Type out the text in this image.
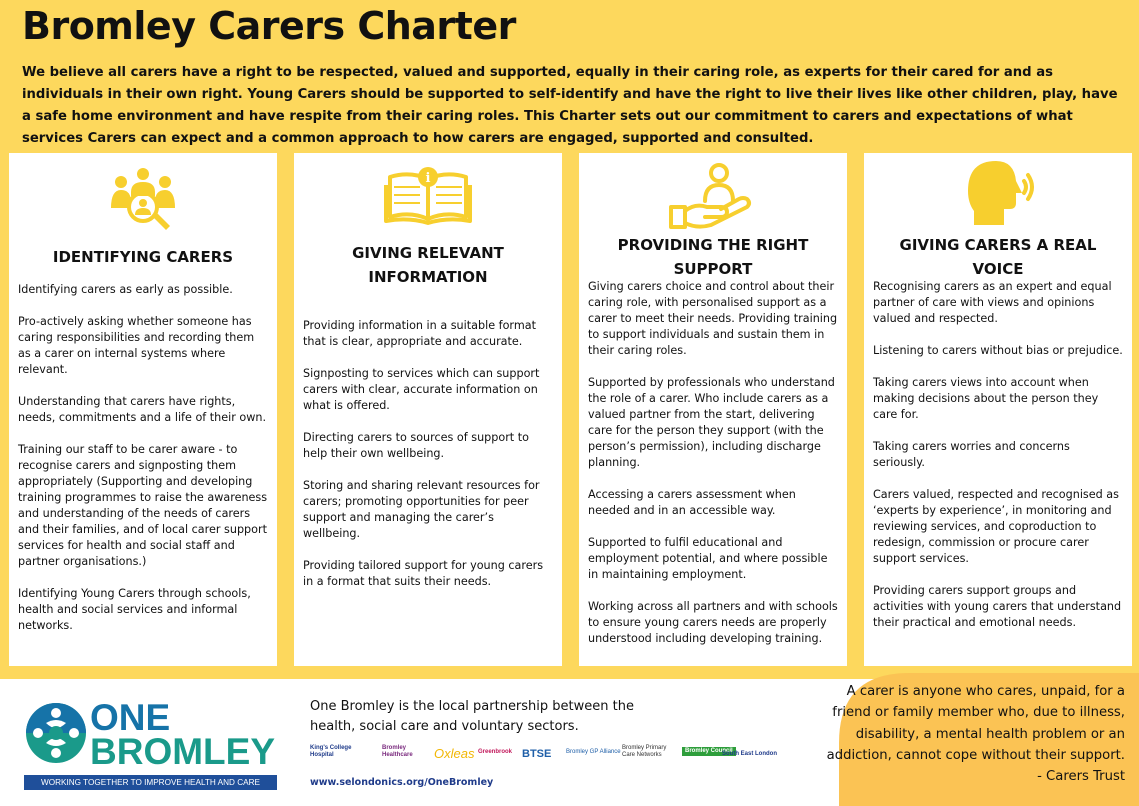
Bromley Carers Charter

We believe all carers have a right to be respected, valued and supported, equally in their caring role, as experts for their cared for and as individuals in their own right. Young Carers should be supported to self-identify and have the right to live their lives like other children, play, have a safe home environment and have respite from their caring roles. This Charter sets out our commitment to carers and expectations of what services Carers can expect and a common approach to how carers are engaged, supported and consulted.

IDENTIFYING CARERS

Identifying carers as early as possible.

Pro-actively asking whether someone has caring responsibilities and recording them as a carer on internal systems where relevant.

Understanding that carers have rights, needs, commitments and a life of their own.

Training our staff to be carer aware - to recognise carers and signposting them appropriately (Supporting and developing training programmes to raise the awareness and understanding of the needs of carers and their families, and of local carer support services for health and social staff and partner organisations.)

Identifying Young Carers through schools, health and social services and informal networks.

i
GIVING RELEVANT INFORMATION

Providing information in a suitable format that is clear, appropriate and accurate.

Signposting to services which can support carers with clear, accurate information on what is offered.

Directing carers to sources of support to help their own wellbeing.

Storing and sharing relevant resources for carers; promoting opportunities for peer support and managing the carer’s wellbeing.

Providing tailored support for young carers in a format that suits their needs.

PROVIDING THE RIGHT SUPPORT

Giving carers choice and control about their caring role, with personalised support as a carer to meet their needs. Providing training to support individuals and sustain them in their caring roles.

Supported by professionals who understand the role of a carer. Who include carers as a valued partner from the start, delivering care for the person they support (with the person’s permission), including discharge planning.

Accessing a carers assessment when needed and in an accessible way.

Supported to fulfil educational and employment potential, and where possible in maintaining employment.

Working across all partners and with schools to ensure young carers needs are properly understood including developing training.

GIVING CARERS A REAL VOICE

Recognising carers as an expert and equal partner of care with views and opinions valued and respected.

Listening to carers without bias or prejudice.

Taking carers views into account when making decisions about the person they care for.

Taking carers worries and concerns seriously.

Carers valued, respected and recognised as ‘experts by experience’, in monitoring and reviewing services, and coproduction to redesign, commission or procure carer support services.

Providing carers support groups and activities with young carers that understand their practical and emotional needs.

ONE
BROMLEY
WORKING TOGETHER TO IMPROVE HEALTH AND CARE
One Bromley is the local partnership between the health, social care and voluntary sectors.
King's College Hospital
Bromley Healthcare	Oxleas Greenbrook BTSE Bromley GP Alliance
Bromley Primary Care Networks
Bromley Council
South East London
www.selondonics.org/OneBromley
A carer is anyone who cares, unpaid, for a friend or family member who, due to illness, disability, a mental health problem or an addiction, cannot cope without their support.
- Carers Trust
